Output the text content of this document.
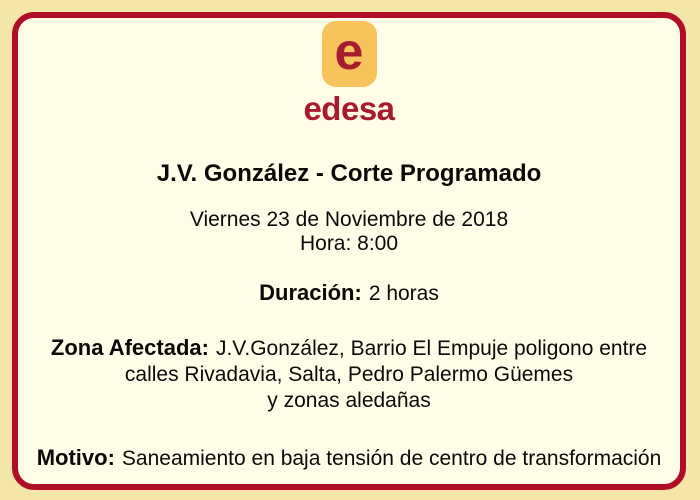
e
edesa
J.V. González - Corte Programado
Viernes 23 de Noviembre de 2018
Hora: 8:00
Duración: 2 horas
Zona Afectada: J.V.González, Barrio El Empuje poligono entre
calles Rivadavia, Salta, Pedro Palermo Güemes
y zonas aledañas
Motivo: Saneamiento en baja tensión de centro de transformación
